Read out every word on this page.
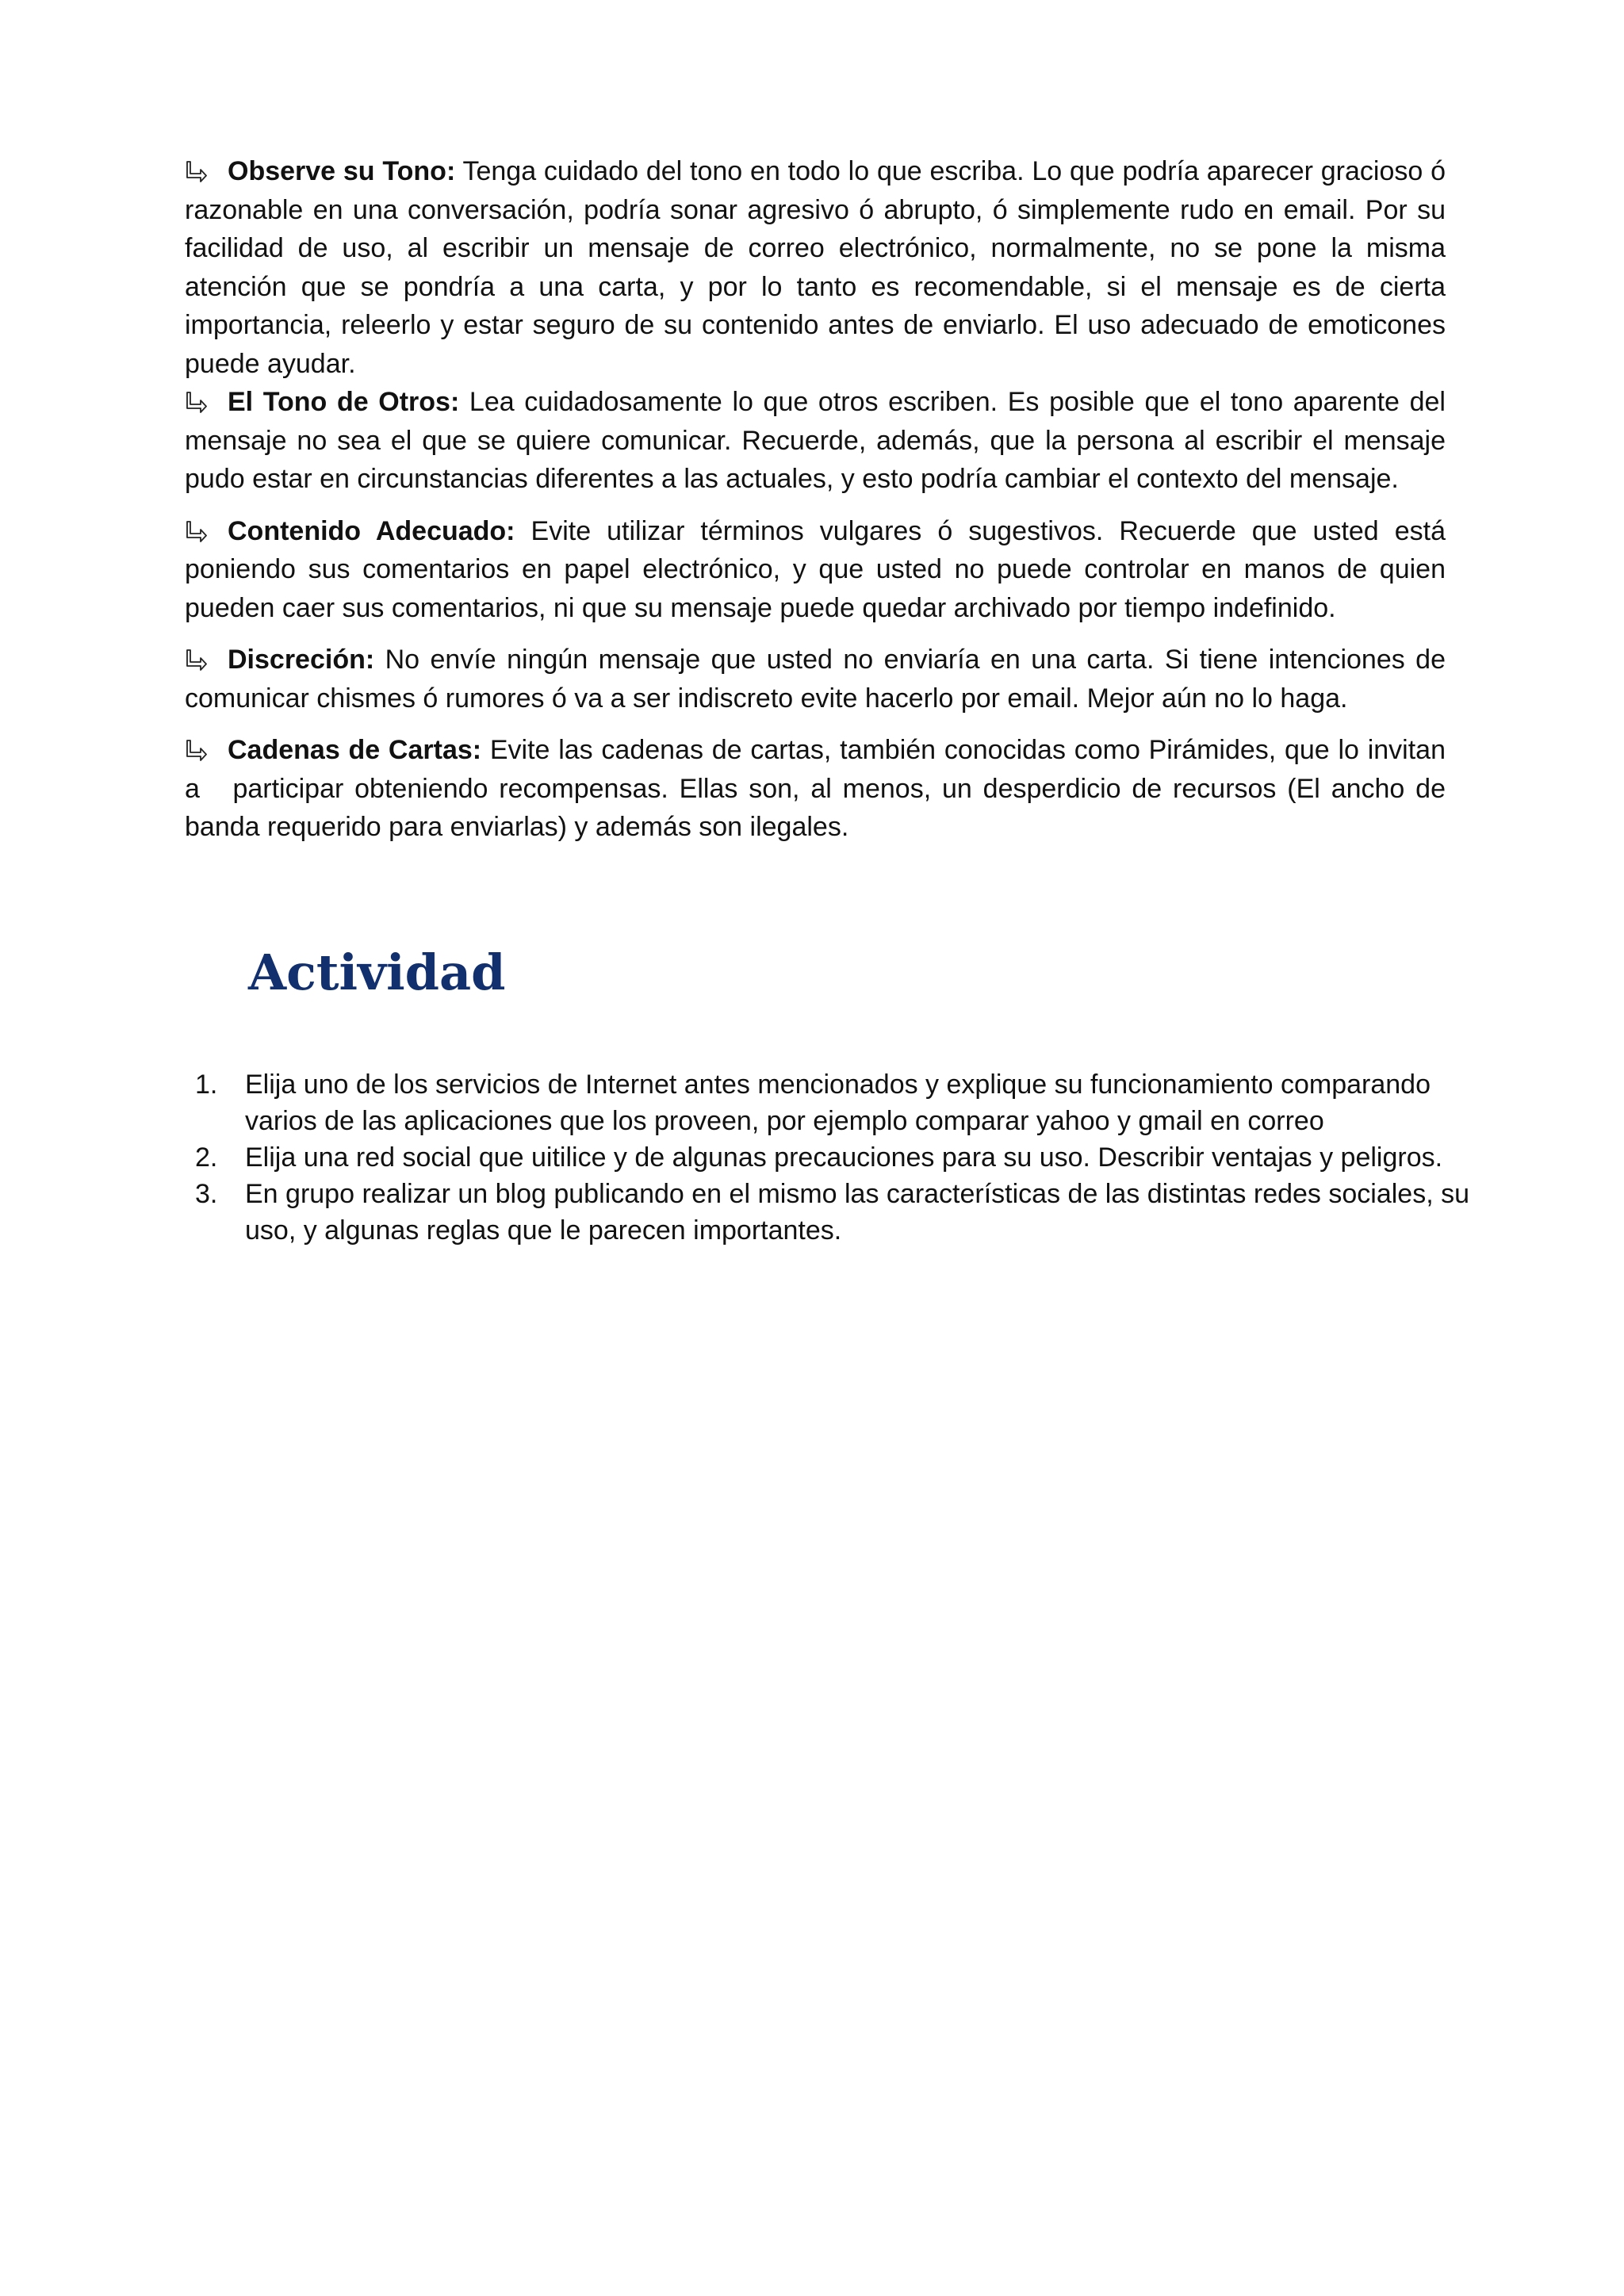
Observe su Tono: Tenga cuidado del tono en todo lo que escriba. Lo que podría aparecer gracioso ó razonable en una conversación, podría sonar agresivo ó abrupto, ó simplemente rudo en email. Por su facilidad de uso, al escribir un mensaje de correo electrónico, normalmente, no se pone la misma atención que se pondría a una carta, y por lo tanto es recomendable, si el mensaje es de cierta importancia, releerlo y estar seguro de su contenido antes de enviarlo. El uso adecuado de emoticones puede ayudar.

El Tono de Otros: Lea cuidadosamente lo que otros escriben. Es posible que el tono aparente del mensaje no sea el que se quiere comunicar. Recuerde, además, que la persona al escribir el mensaje pudo estar en circunstancias diferentes a las actuales, y esto podría cambiar el contexto del mensaje.

Contenido Adecuado: Evite utilizar términos vulgares ó sugestivos. Recuerde que usted está poniendo sus comentarios en papel electrónico, y que usted no puede controlar en manos de quien pueden caer sus comentarios, ni que su mensaje puede quedar archivado por tiempo indefinido.

Discreción: No envíe ningún mensaje que usted no enviaría en una carta. Si tiene intenciones de comunicar chismes ó rumores ó va a ser indiscreto evite hacerlo por email. Mejor aún no lo haga.

Cadenas de Cartas: Evite las cadenas de cartas, también conocidas como Pirámides, que lo invitan a   participar obteniendo recompensas. Ellas son, al menos, un desperdicio de recursos (El ancho de banda requerido para enviarlas) y además son ilegales.

Actividad
1. Elija uno de los servicios de Internet antes mencionados y explique su funcionamiento comparando varios de las aplicaciones que los proveen, por ejemplo comparar yahoo y gmail en correo
2. Elija una red social que uitilice y de algunas precauciones para su uso. Describir ventajas y peligros.
3. En grupo realizar un blog publicando en el mismo las características de las distintas redes sociales, su uso, y algunas reglas que le parecen importantes.
